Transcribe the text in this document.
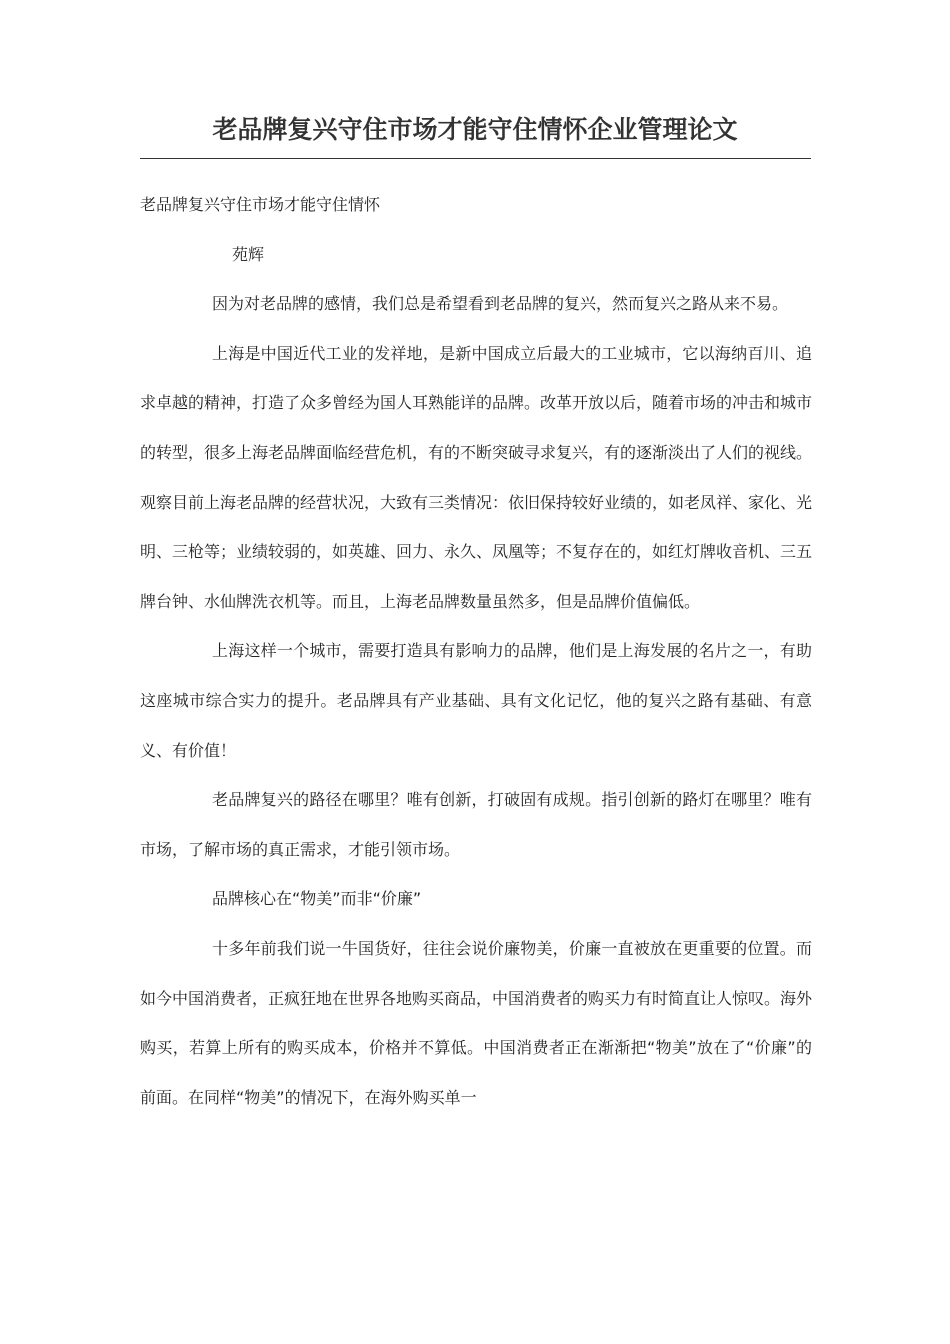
老品牌复兴守住市场才能守住情怀企业管理论文

老品牌复兴守住市场才能守住情怀

苑辉

因为对老品牌的感情，我们总是希望看到老品牌的复兴，然而复兴之路从来不易。

上海是中国近代工业的发祥地，是新中国成立后最大的工业城市，它以海纳百川、追求卓越的精神，打造了众多曾经为国人耳熟能详的品牌。改革开放以后，随着市场的冲击和城市的转型，很多上海老品牌面临经营危机，有的不断突破寻求复兴，有的逐渐淡出了人们的视线。观察目前上海老品牌的经营状况，大致有三类情况：依旧保持较好业绩的，如老凤祥、家化、光明、三枪等；业绩较弱的，如英雄、回力、永久、凤凰等；不复存在的，如红灯牌收音机、三五牌台钟、水仙牌洗衣机等。而且，上海老品牌数量虽然多，但是品牌价值偏低。

上海这样一个城市，需要打造具有影响力的品牌，他们是上海发展的名片之一，有助这座城市综合实力的提升。老品牌具有产业基础、具有文化记忆，他的复兴之路有基础、有意义、有价值！

老品牌复兴的路径在哪里？唯有创新，打破固有成规。指引创新的路灯在哪里？唯有市场，了解市场的真正需求，才能引领市场。

品牌核心在“物美”而非“价廉”

十多年前我们说一牛国货好，往往会说价廉物美，价廉一直被放在更重要的位置。而如今中国消费者，正疯狂地在世界各地购买商品，中国消费者的购买力有时简直让人惊叹。海外购买，若算上所有的购买成本，价格并不算低。中国消费者正在渐渐把“物美”放在了“价廉”的前面。在同样“物美”的情况下，在海外购买单一
